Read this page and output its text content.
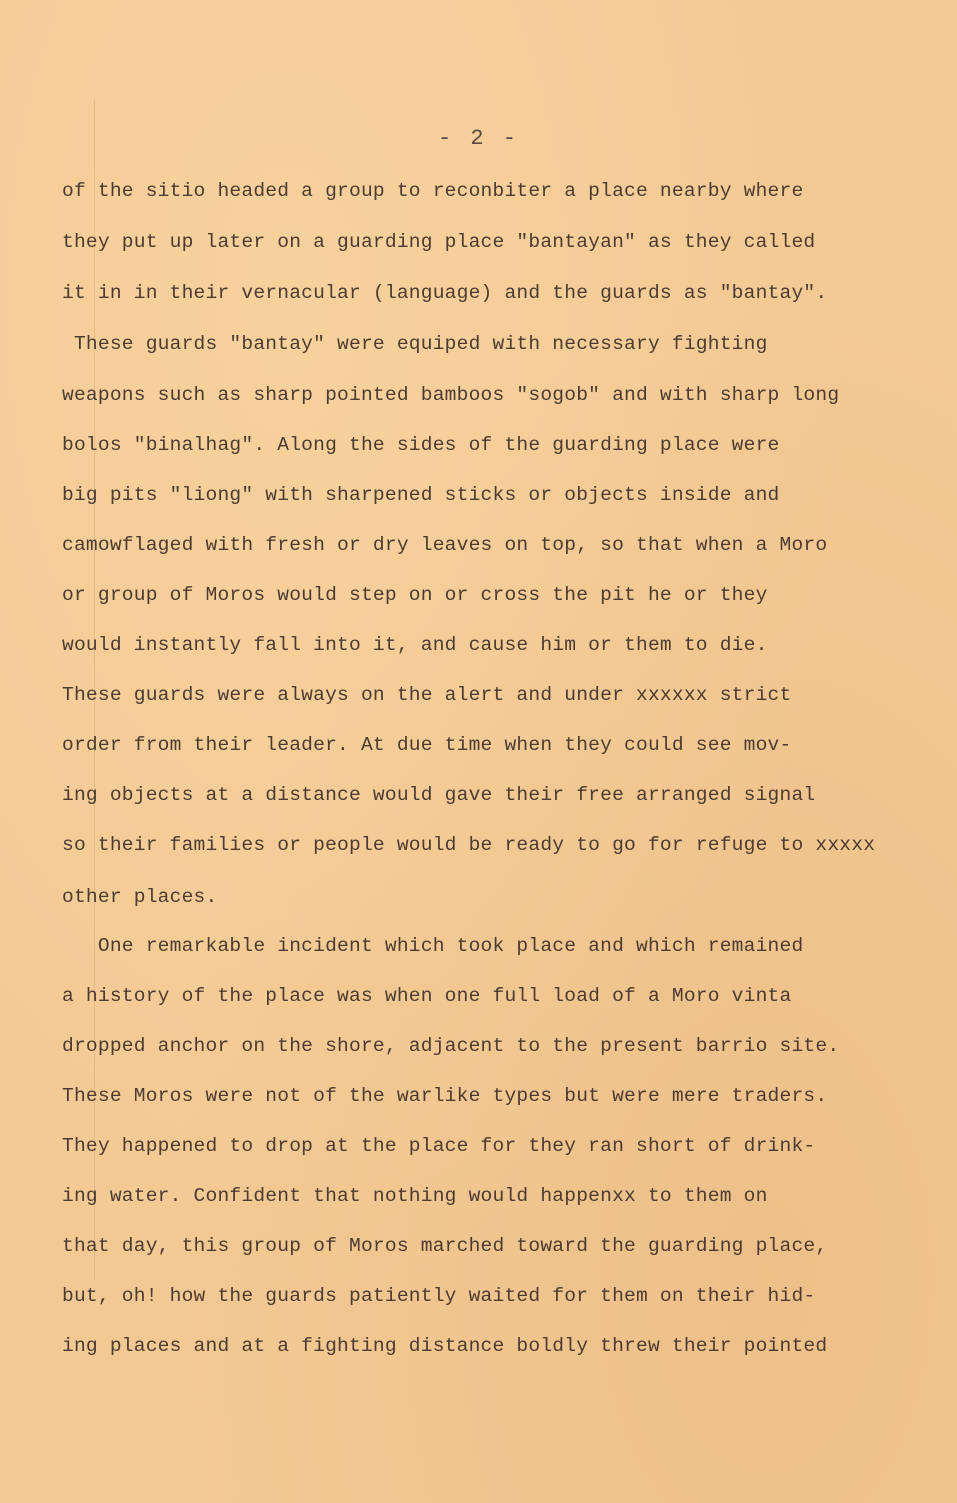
- 2 -
of the sitio headed a group to reconbiter a place nearby where
they put up later on a guarding place "bantayan" as they called
it in in their vernacular (language) and the guards as "bantay".
These guards "bantay" were equiped with necessary fighting
weapons such as sharp pointed bamboos "sogob" and with sharp long
bolos "binalhag". Along the sides of the guarding place were
big pits "liong" with sharpened sticks or objects inside and
camowflaged with fresh or dry leaves on top, so that when a Moro
or group of Moros would step on or cross the pit he or they
would instantly fall into it, and cause him or them to die.
These guards were always on the alert and under xxxxxx strict
order from their leader. At due time when they could see mov-
ing objects at a distance would gave their free arranged signal
so their families or people would be ready to go for refuge to xxxxx
other places.
One remarkable incident which took place and which remained
a history of the place was when one full load of a Moro vinta
dropped anchor on the shore, adjacent to the present barrio site.
These Moros were not of the warlike types but were mere traders.
They happened to drop at the place for they ran short of drink-
ing water. Confident that nothing would happenxx to them on
that day, this group of Moros marched toward the guarding place,
but, oh! how the guards patiently waited for them on their hid-
ing places and at a fighting distance boldly threw their pointed
